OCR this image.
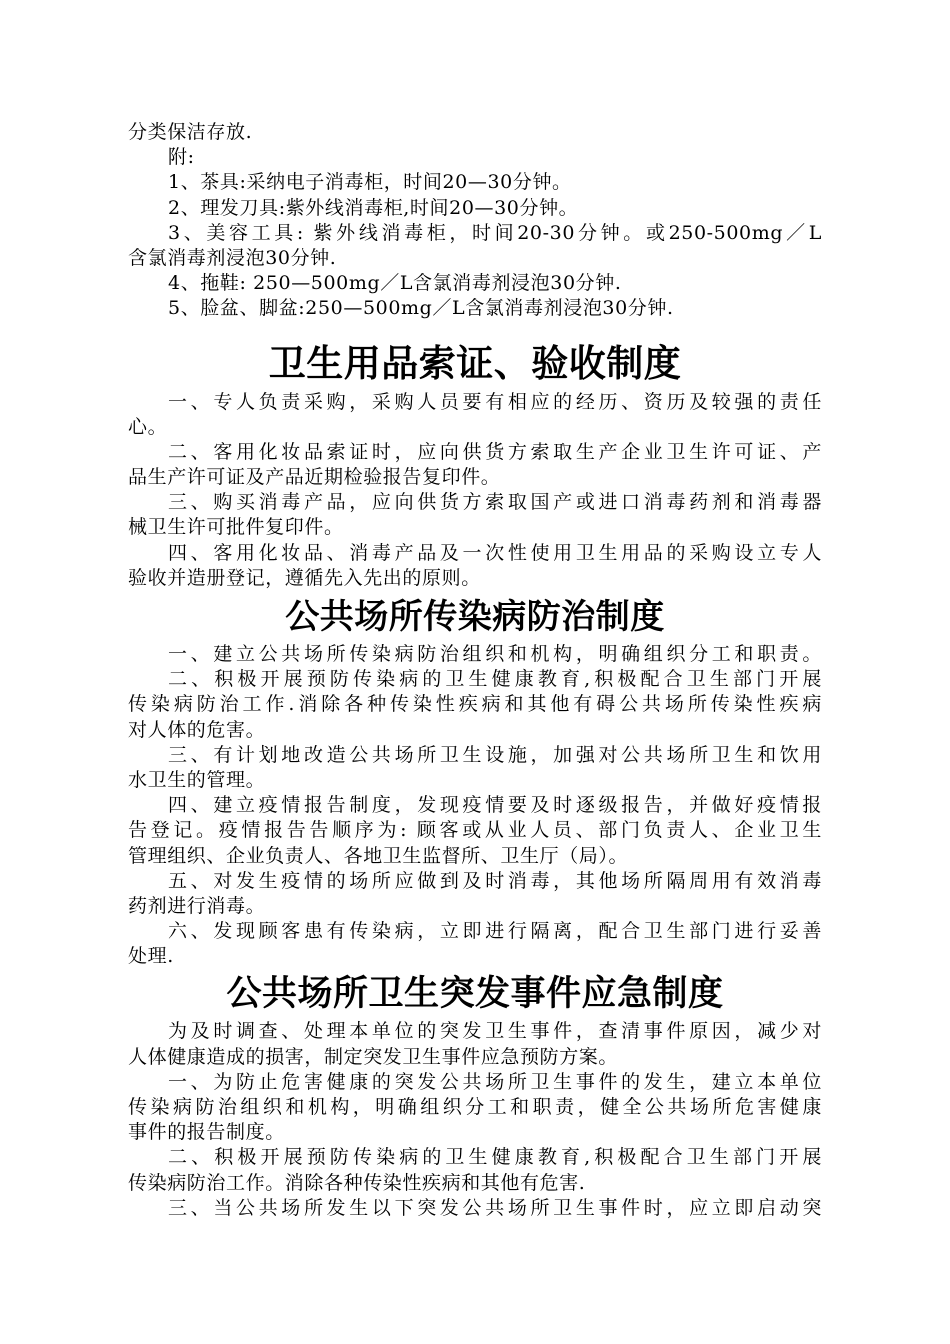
分类保洁存放.
附:
1、茶具:采纳电子消毒柜，时间20—30分钟。
2、理发刀具:紫外线消毒柜,时间20—30分钟。
3、美容工具: 紫外线消毒柜，时间20-30分钟。或250-500mg／L
含氯消毒剂浸泡30分钟.
4、拖鞋: 250—500mg／L含氯消毒剂浸泡30分钟.
5、脸盆、脚盆:250—500mg／L含氯消毒剂浸泡30分钟.
卫生用品索证、验收制度
一、专人负责采购，采购人员要有相应的经历、资历及较强的责任
心。
二、客用化妆品索证时，应向供货方索取生产企业卫生许可证、产
品生产许可证及产品近期检验报告复印件。
三、购买消毒产品，应向供货方索取国产或进口消毒药剂和消毒器
械卫生许可批件复印件。
四、客用化妆品、消毒产品及一次性使用卫生用品的采购设立专人
验收并造册登记，遵循先入先出的原则。
公共场所传染病防治制度
一、建立公共场所传染病防治组织和机构，明确组织分工和职责。
二、积极开展预防传染病的卫生健康教育,积极配合卫生部门开展
传染病防治工作.消除各种传染性疾病和其他有碍公共场所传染性疾病
对人体的危害。
三、有计划地改造公共场所卫生设施，加强对公共场所卫生和饮用
水卫生的管理。
四、建立疫情报告制度，发现疫情要及时逐级报告，并做好疫情报
告登记。疫情报告告顺序为: 顾客或从业人员、部门负责人、企业卫生
管理组织、企业负责人、各地卫生监督所、卫生厅（局）。
五、对发生疫情的场所应做到及时消毒，其他场所隔周用有效消毒
药剂进行消毒。
六、发现顾客患有传染病，立即进行隔离，配合卫生部门进行妥善
处理.
公共场所卫生突发事件应急制度
为及时调查、处理本单位的突发卫生事件，查清事件原因，减少对
人体健康造成的损害，制定突发卫生事件应急预防方案。
一、为防止危害健康的突发公共场所卫生事件的发生，建立本单位
传染病防治组织和机构，明确组织分工和职责，健全公共场所危害健康
事件的报告制度。
二、积极开展预防传染病的卫生健康教育,积极配合卫生部门开展
传染病防治工作。消除各种传染性疾病和其他有危害.
三、当公共场所发生以下突发公共场所卫生事件时，应立即启动突
